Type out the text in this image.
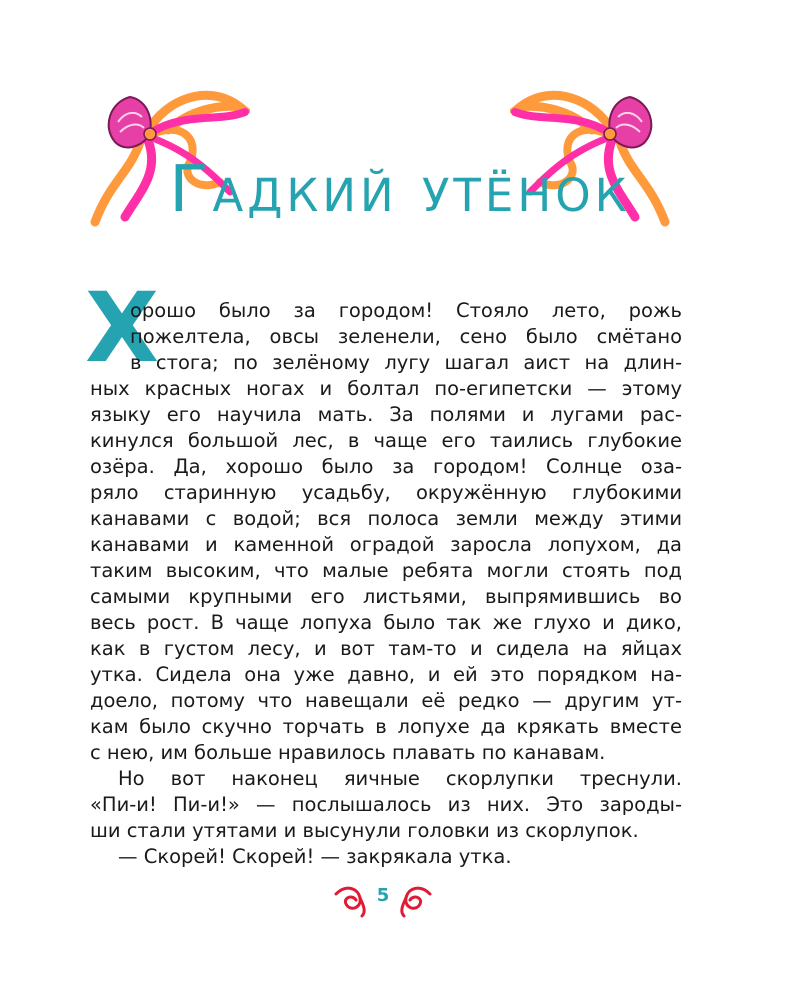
Гадкий утёнок
Х
орошо было за городом! Стояло лето, рожь
пожелтела, овсы зеленели, сено было смётано
в стога; по зелёному лугу шагал аист на длин-
ных красных ногах и болтал по-египетски — этому
языку его научила мать. За полями и лугами рас-
кинулся большой лес, в чаще его таились глубокие
озёра. Да, хорошо было за городом! Солнце оза-
ряло старинную усадьбу, окружённую глубокими
канавами с водой; вся полоса земли между этими
канавами и каменной оградой заросла лопухом, да
таким высоким, что малые ребята могли стоять под
самыми крупными его листьями, выпрямившись во
весь рост. В чаще лопуха было так же глухо и дико,
как в густом лесу, и вот там-то и сидела на яйцах
утка. Сидела она уже давно, и ей это порядком на-
доело, потому что навещали её редко — другим ут-
кам было скучно торчать в лопухе да крякать вместе
с нею, им больше нравилось плавать по канавам.
Но вот наконец яичные скорлупки треснули.
«Пи-и! Пи-и!» — послышалось из них. Это зароды-
ши стали утятами и высунули головки из скорлупок.
— Скорей! Скорей! — закрякала утка.
5
